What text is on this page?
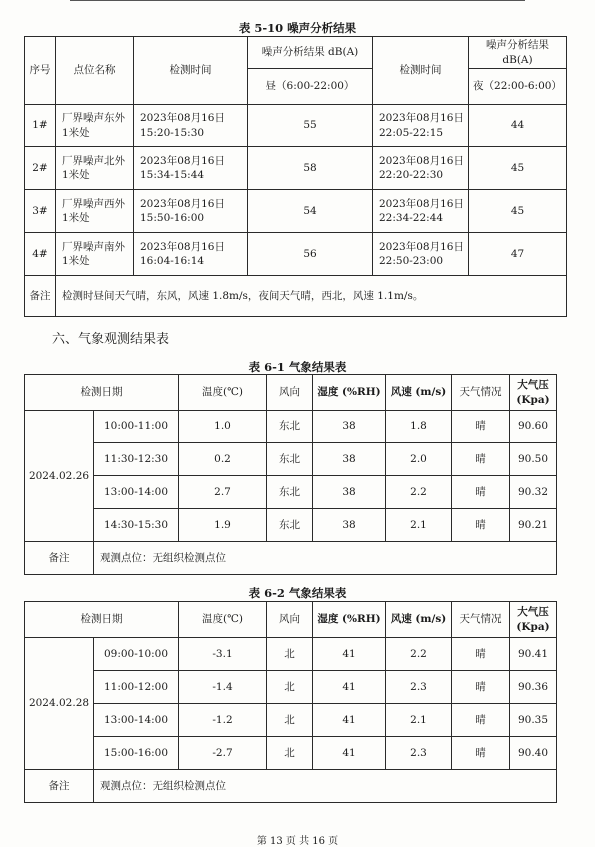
表 5-10 噪声分析结果
序号	点位名称	检测时间	噪声分析结果 dB(A)	检测时间	噪声分析结果 dB(A)
			昼（6:00-22:00）		夜（22:00-6:00）
1#	厂界噪声东外1米处	2023年08月16日 15:20-15:30	55	2023年08月16日 22:05-22:15	44
2#	厂界噪声北外1米处	2023年08月16日 15:34-15:44	58	2023年08月16日 22:20-22:30	45
3#	厂界噪声西外1米处	2023年08月16日 15:50-16:00	54	2023年08月16日 22:34-22:44	45
4#	厂界噪声南外1米处	2023年08月16日 16:04-16:14	56	2023年08月16日 22:50-23:00	47
备注	检测时昼间天气晴，东风，风速 1.8m/s，夜间天气晴，西北，风速 1.1m/s。				
六、气象观测结果表
表 6-1 气象结果表
检测日期		温度(℃)	风向	湿度 (%RH)	风速 (m/s)	天气情况	大气压 (Kpa)
2024.02.26	10:00-11:00	1.0	东北	38	1.8	晴	90.60
	11:30-12:30	0.2	东北	38	2.0	晴	90.50
	13:00-14:00	2.7	东北	38	2.2	晴	90.32
	14:30-15:30	1.9	东北	38	2.1	晴	90.21
备注	观测点位：无组织检测点位						
表 6-2 气象结果表
检测日期		温度(℃)	风向	湿度 (%RH)	风速 (m/s)	天气情况	大气压 (Kpa)
2024.02.28	09:00-10:00	-3.1	北	41	2.2	晴	90.41
	11:00-12:00	-1.4	北	41	2.3	晴	90.36
	13:00-14:00	-1.2	北	41	2.1	晴	90.35
	15:00-16:00	-2.7	北	41	2.3	晴	90.40
备注	观测点位：无组织检测点位						
第 13 页 共 16 页
